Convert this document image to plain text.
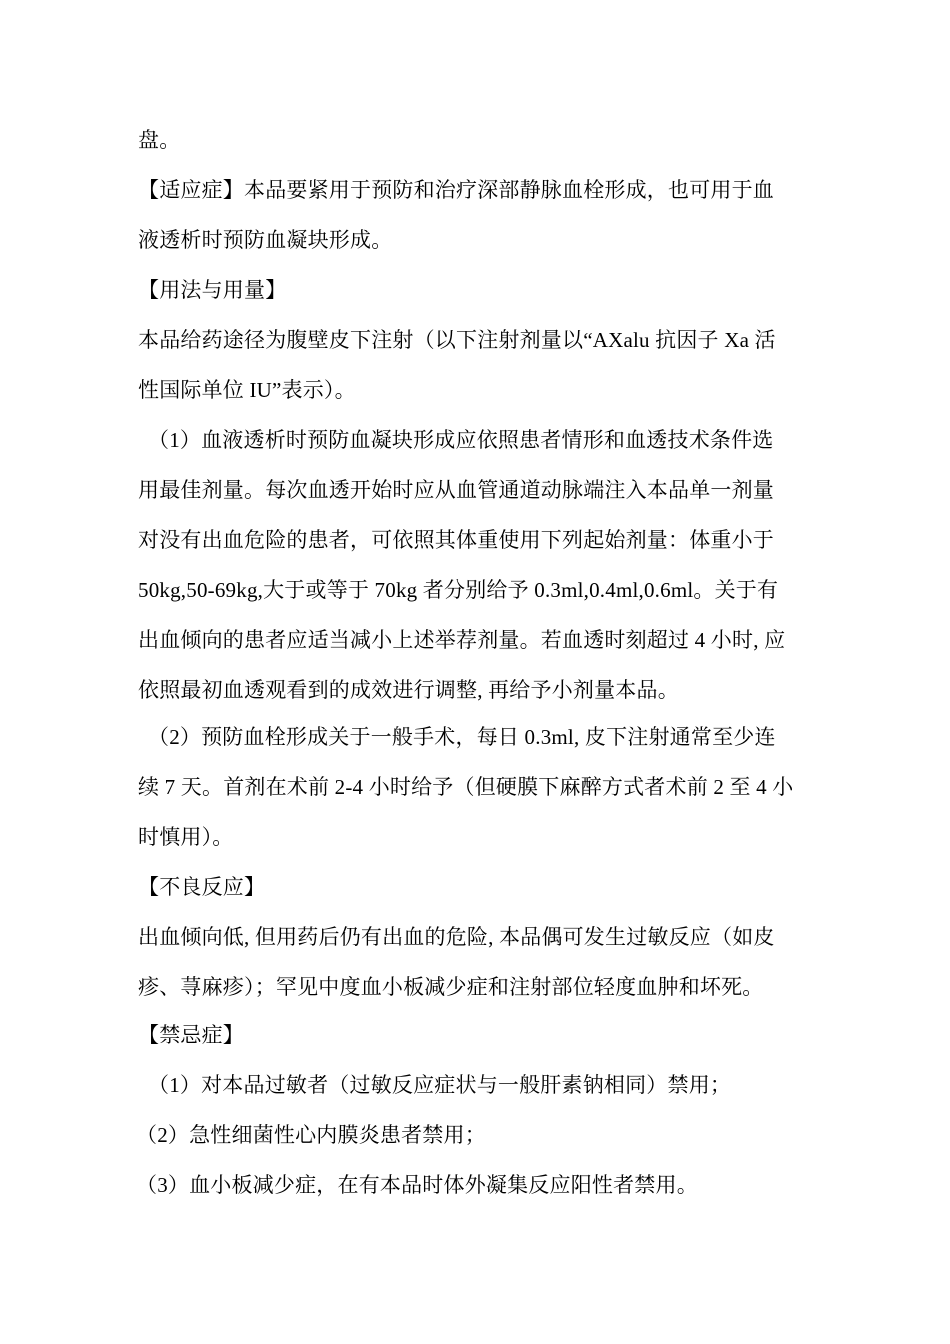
盘。
【适应症】本品要紧用于预防和治疗深部静脉血栓形成，也可用于血
液透析时预防血凝块形成。
【用法与用量】
本品给药途径为腹壁皮下注射（以下注射剂量以“AXalu 抗因子 Xa 活
性国际单位 IU”表示）。
（1）血液透析时预防血凝块形成应依照患者情形和血透技术条件选
用最佳剂量。每次血透开始时应从血管通道动脉端注入本品单一剂量
对没有出血危险的患者，可依照其体重使用下列起始剂量：体重小于
50kg,50-69kg,大于或等于 70kg 者分别给予 0.3ml,0.4ml,0.6ml。关于有
出血倾向的患者应适当减小上述举荐剂量。若血透时刻超过 4 小时, 应
依照最初血透观看到的成效进行调整, 再给予小剂量本品。
（2）预防血栓形成关于一般手术，每日 0.3ml, 皮下注射通常至少连
续 7 天。首剂在术前 2-4 小时给予（但硬膜下麻醉方式者术前 2 至 4 小
时慎用）。
【不良反应】
出血倾向低, 但用药后仍有出血的危险, 本品偶可发生过敏反应（如皮
疹、荨麻疹）；罕见中度血小板减少症和注射部位轻度血肿和坏死。
【禁忌症】
（1）对本品过敏者（过敏反应症状与一般肝素钠相同）禁用；
（2）急性细菌性心内膜炎患者禁用；
（3）血小板减少症，在有本品时体外凝集反应阳性者禁用。
